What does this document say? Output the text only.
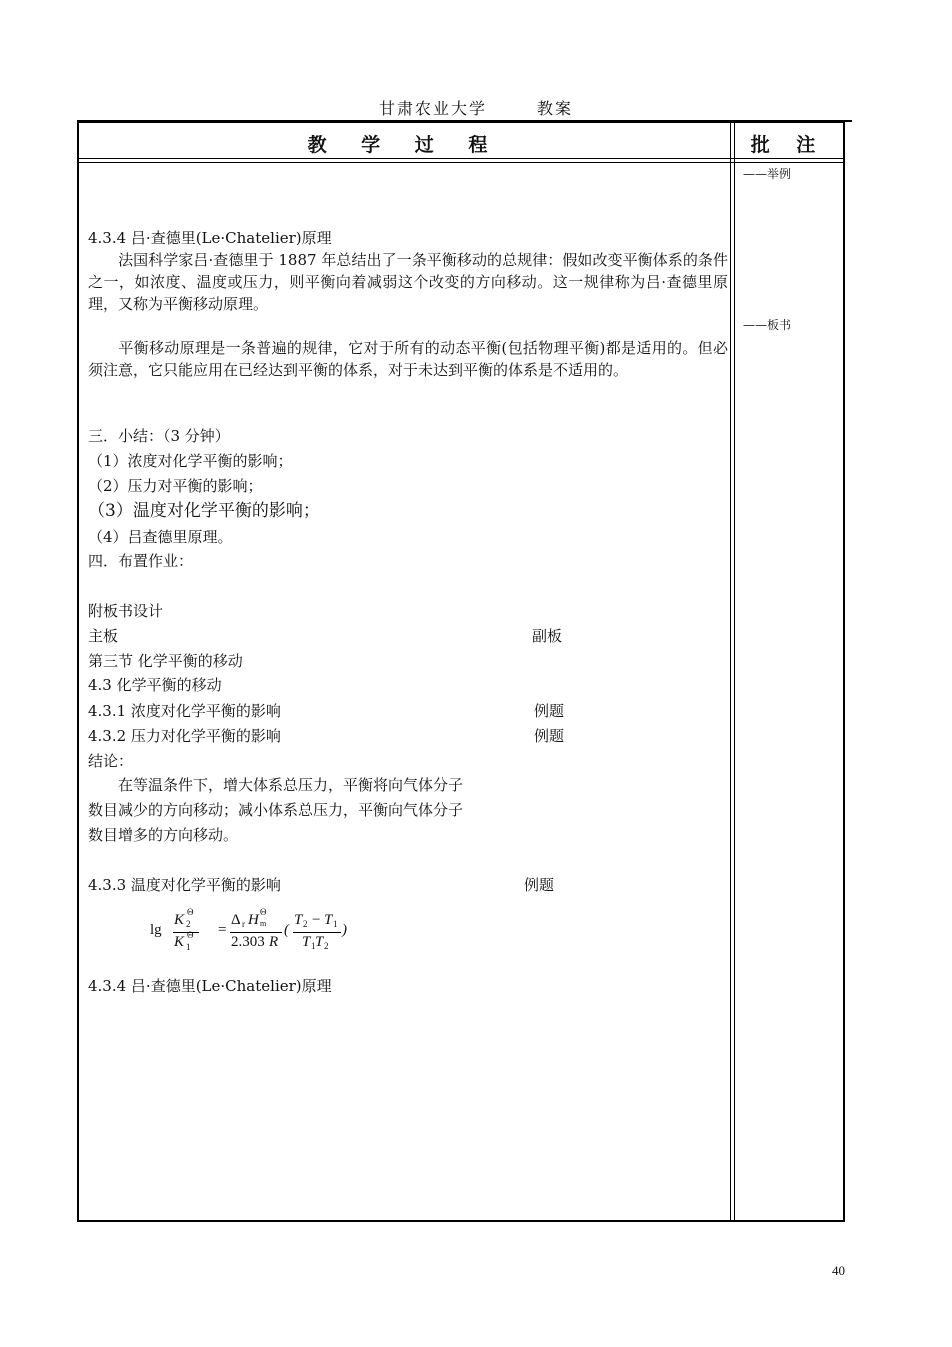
甘肃农业大学	教案
教 学 过 程	批 注
——举例
——板书
4.3.4 吕·查德里(Le·Chatelier)原理
法国科学家吕·查德里于 1887 年总结出了一条平衡移动的总规律：假如改变平衡体系的条件之一，如浓度、温度或压力，则平衡向着减弱这个改变的方向移动。这一规律称为吕·查德里原理，又称为平衡移动原理。
平衡移动原理是一条普遍的规律，它对于所有的动态平衡(包括物理平衡)都是适用的。但必须注意，它只能应用在已经达到平衡的体系，对于未达到平衡的体系是不适用的。
三．小结：（3 分钟）
（1）浓度对化学平衡的影响；
（2）压力对平衡的影响；
（3）温度对化学平衡的影响；
（4）吕查德里原理。
四．布置作业：
附板书设计
主板	副板
第三节 化学平衡的移动
4.3 化学平衡的移动
4.3.1 浓度对化学平衡的影响	例题
4.3.2 压力对化学平衡的影响	例题
结论：
在等温条件下，增大体系总压力，平衡将向气体分子
数目减少的方向移动；减小体系总压力，平衡向气体分子
数目增多的方向移动。
4.3.3 温度对化学平衡的影响	例题
lg
K 2
Θ
K 1
Θ =
Δ r H m
Θ
2.303 R
(
T 2 − T 1
T 1 T 2
)
4.3.4 吕·查德里(Le·Chatelier)原理
40
